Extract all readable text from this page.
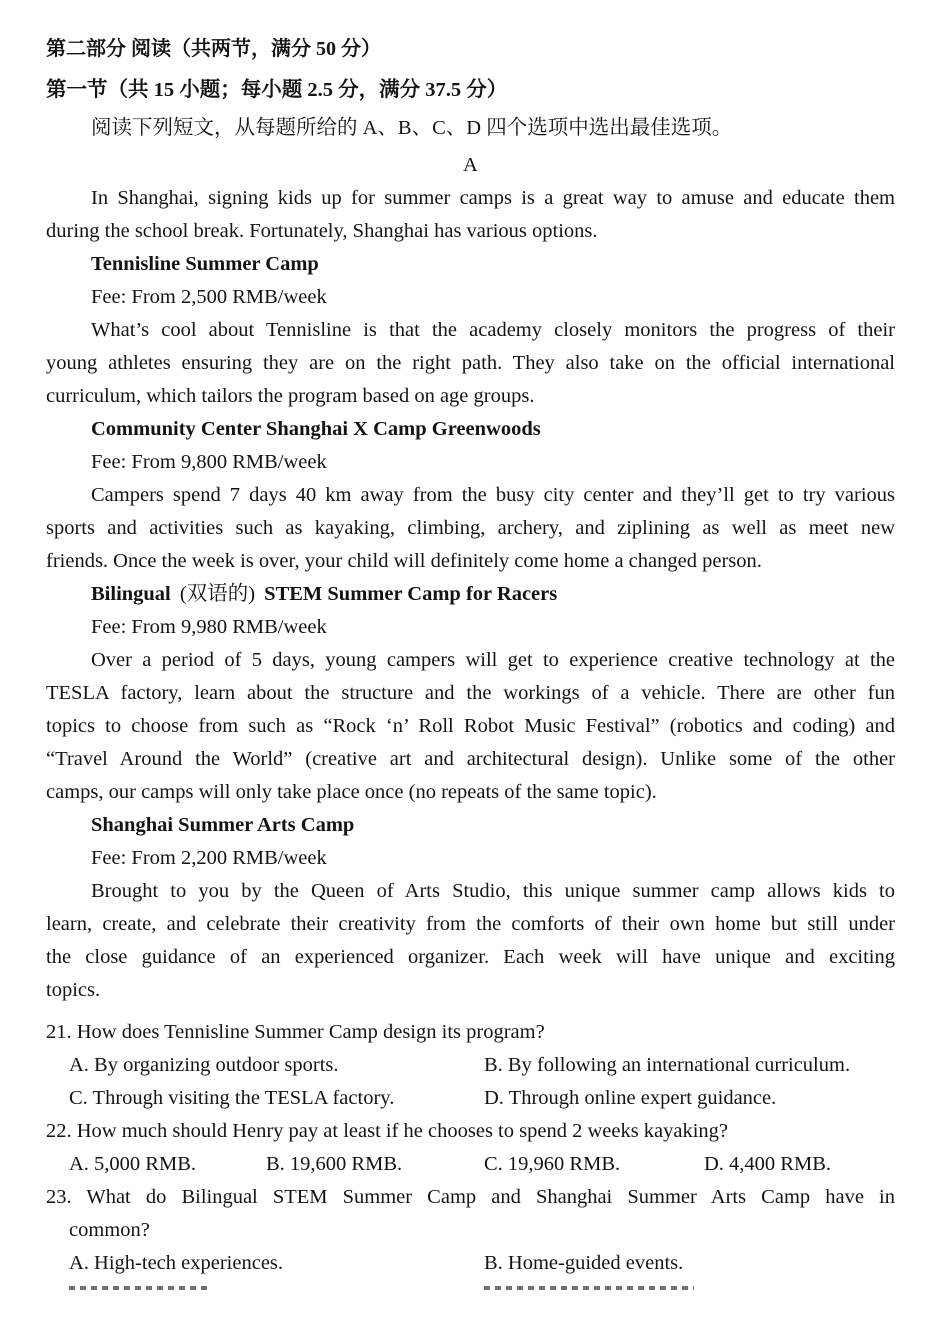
第二部分 阅读（共两节，满分 50 分）
第一节（共 15 小题；每小题 2.5 分，满分 37.5 分）
阅读下列短文，从每题所给的 A、B、C、D 四个选项中选出最佳选项。
A
In Shanghai, signing kids up for summer camps is a great way to amuse and educate them
during the school break. Fortunately, Shanghai has various options.
Tennisline Summer Camp
Fee: From 2,500 RMB/week
What’s cool about Tennisline is that the academy closely monitors the progress of their
young athletes ensuring they are on the right path. They also take on the official international
curriculum, which tailors the program based on age groups.
Community Center Shanghai X Camp Greenwoods
Fee: From 9,800 RMB/week
Campers spend 7 days 40 km away from the busy city center and they’ll get to try various
sports and activities such as kayaking, climbing, archery, and ziplining as well as meet new
friends. Once the week is over, your child will definitely come home a changed person.
Bilingual (双语的) STEM Summer Camp for Racers
Fee: From 9,980 RMB/week
Over a period of 5 days, young campers will get to experience creative technology at the
TESLA factory, learn about the structure and the workings of a vehicle. There are other fun
topics to choose from such as “Rock ‘n’ Roll Robot Music Festival” (robotics and coding) and
“Travel Around the World” (creative art and architectural design). Unlike some of the other
camps, our camps will only take place once (no repeats of the same topic).
Shanghai Summer Arts Camp
Fee: From 2,200 RMB/week
Brought to you by the Queen of Arts Studio, this unique summer camp allows kids to
learn, create, and celebrate their creativity from the comforts of their own home but still under
the close guidance of an experienced organizer. Each week will have unique and exciting
topics.
21. How does Tennisline Summer Camp design its program?
A. By organizing outdoor sports.	B. By following an international curriculum.
C. Through visiting the TESLA factory.	D. Through online expert guidance.
22. How much should Henry pay at least if he chooses to spend 2 weeks kayaking?
A. 5,000 RMB.	B. 19,600 RMB.	C. 19,960 RMB.	D. 4,400 RMB.
23. What do Bilingual STEM Summer Camp and Shanghai Summer Arts Camp have in
common?
A. High-tech experiences.	B. Home-guided events.
